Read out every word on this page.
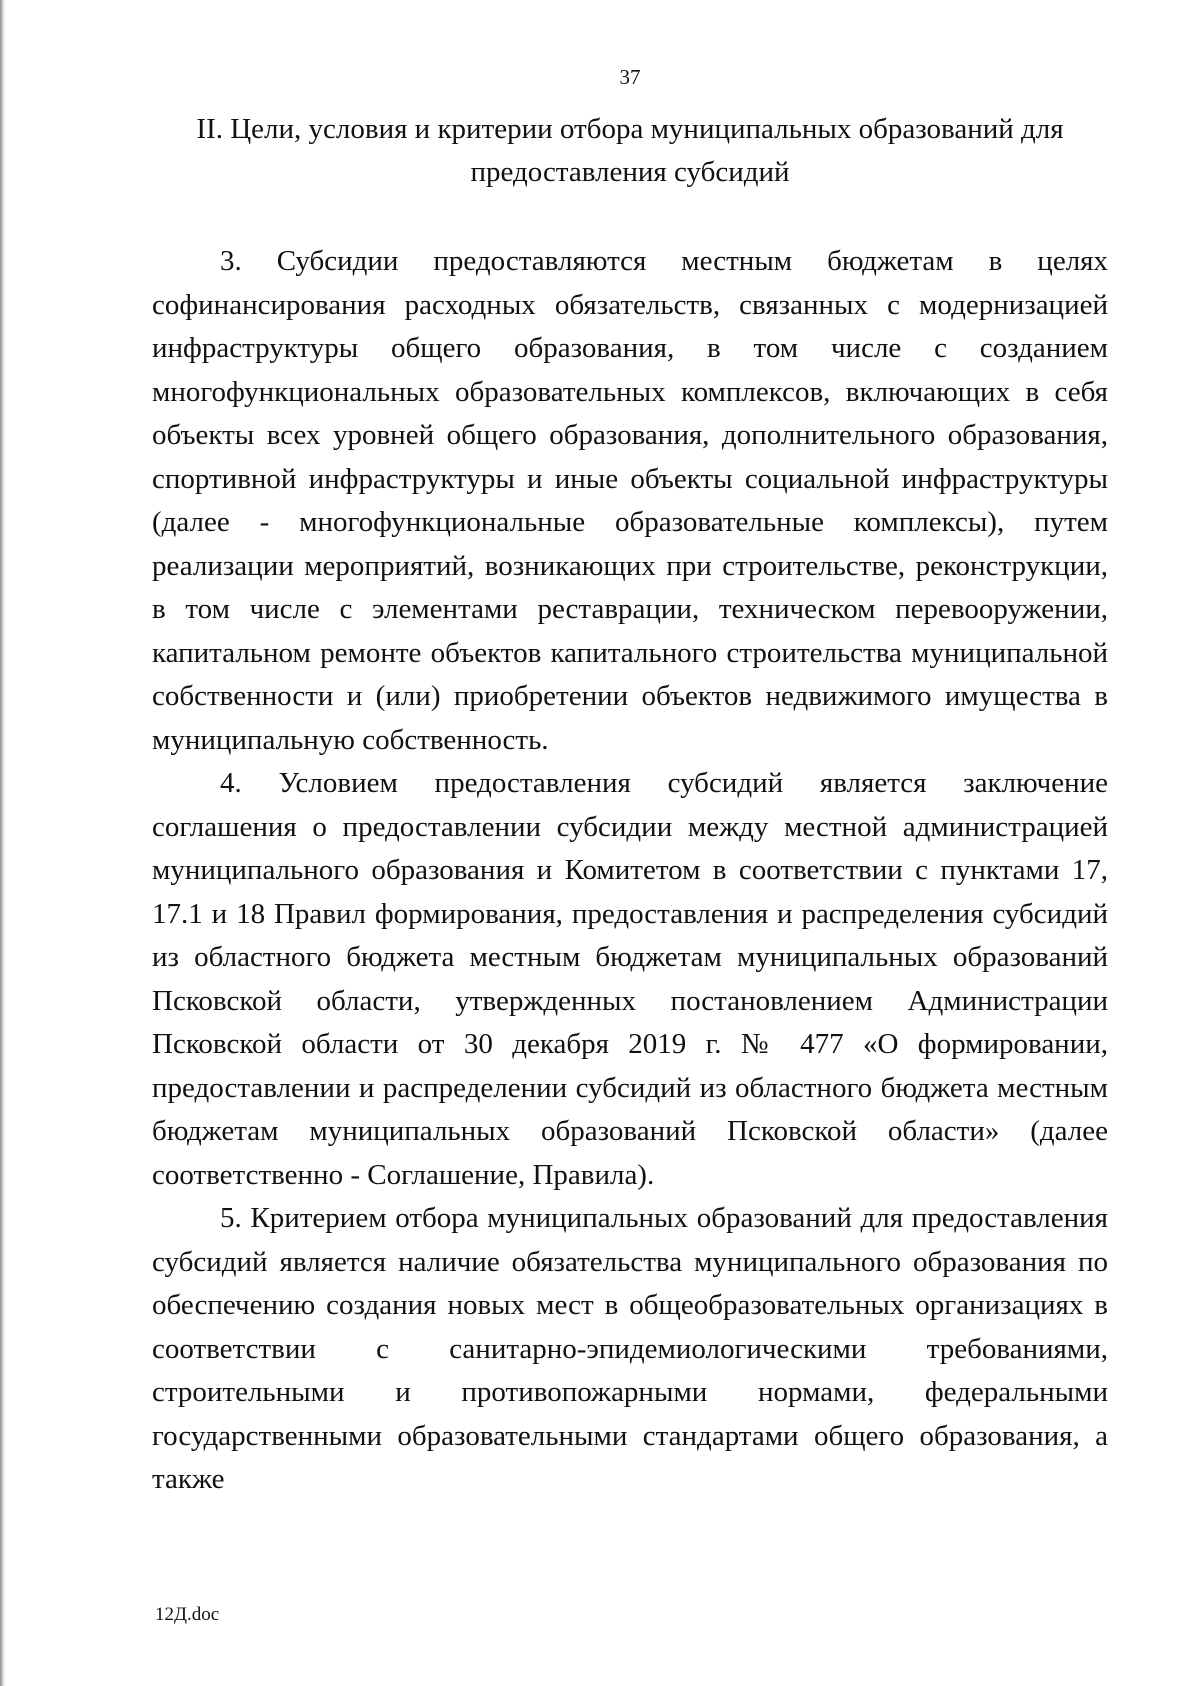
37
II. Цели, условия и критерии отбора муниципальных образований для предоставления субсидий

3. Субсидии предоставляются местным бюджетам в целях софинансирования расходных обязательств, связанных с модернизацией инфраструктуры общего образования, в том числе с созданием многофункциональных образовательных комплексов, включающих в себя объекты всех уровней общего образования, дополнительного образования, спортивной инфраструктуры и иные объекты социальной инфраструктуры (далее - многофункциональные образовательные комплексы), путем реализации мероприятий, возникающих при строительстве, реконструкции, в том числе с элементами реставрации, техническом перевооружении, капитальном ремонте объектов капитального строительства муниципальной собственности и (или) приобретении объектов недвижимого имущества в муниципальную собственность.

4. Условием предоставления субсидий является заключение соглашения о предоставлении субсидии между местной администрацией муниципального образования и Комитетом в соответствии с пунктами 17, 17.1 и 18 Правил формирования, предоставления и распределения субсидий из областного бюджета местным бюджетам муниципальных образований Псковской области, утвержденных постановлением Администрации Псковской области от 30 декабря 2019 г. № 477 «О формировании, предоставлении и распределении субсидий из областного бюджета местным бюджетам муниципальных образований Псковской области» (далее соответственно - Соглашение, Правила).

5. Критерием отбора муниципальных образований для предоставления субсидий является наличие обязательства муниципального образования по обеспечению создания новых мест в общеобразовательных организациях в соответствии с санитарно-эпидемиологическими требованиями, строительными и противопожарными нормами, федеральными государственными образовательными стандартами общего образования, а также

12Д.doc
